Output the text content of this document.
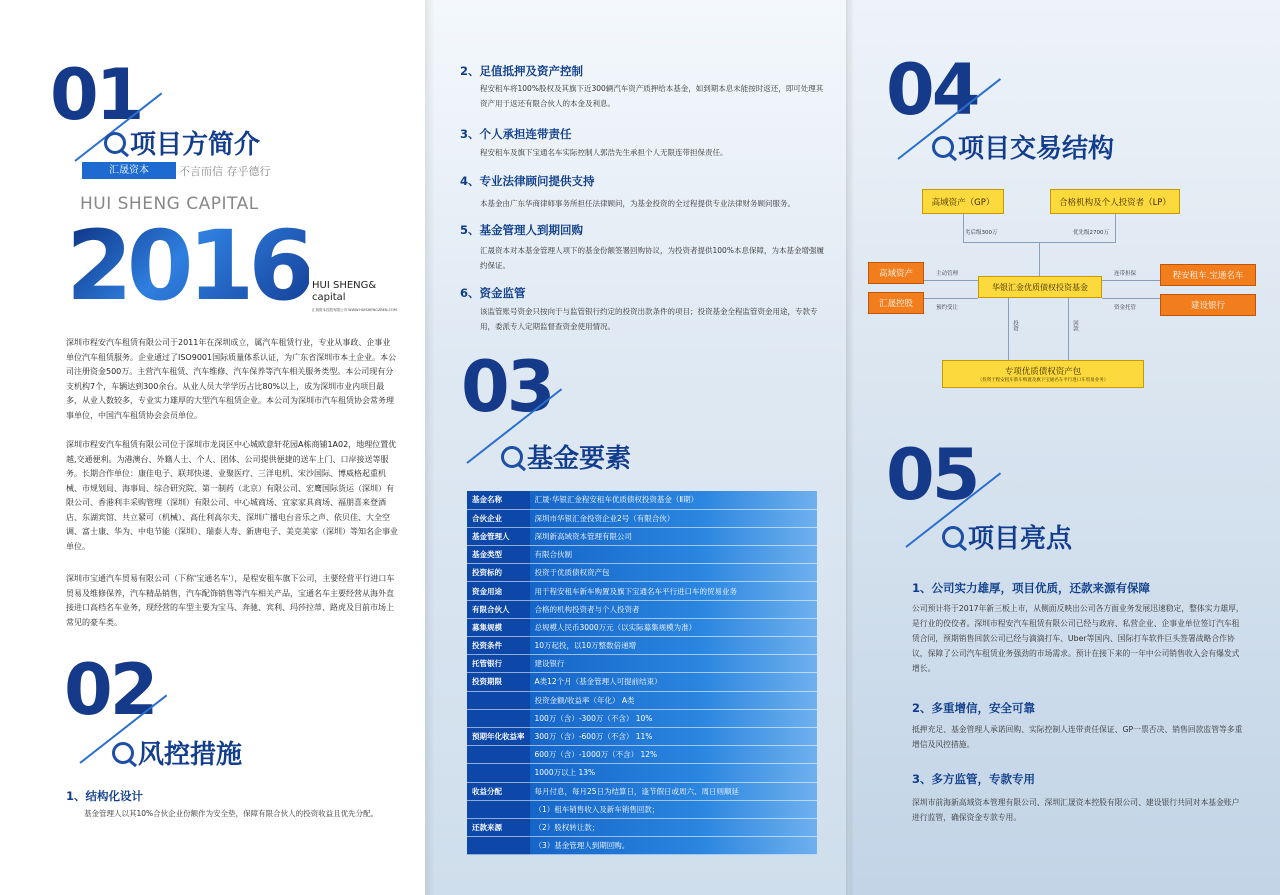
01
项目方简介
汇晟资本	不言而信 存乎德行
HUI SHENG CAPITAL
2016 HUI SHENG& capital
汇晟资本控股有限公司 WWW.HUISHENGZBEN.COM
深圳市程安汽车租赁有限公司于2011年在深圳成立，属汽车租赁行业，专业从事政、企事业单位汽车租赁服务。企业通过了ISO9001国际质量体系认证，为广东省深圳市本土企业。本公司注册资金500万。主营汽车租赁、汽车维修、汽车保养等汽车相关服务类型。本公司现有分支机构7个，车辆达到300余台。从业人员大学学历占比80%以上，成为深圳市业内项目最多，从业人数较多，专业实力雄厚的大型汽车租赁企业。本公司为深圳市汽车租赁协会常务理事单位，中国汽车租赁协会会员单位。
深圳市程安汽车租赁有限公司位于深圳市龙岗区中心城欧意轩花园A栋商铺1A02，地理位置优越,交通便利。为港澳台、外籍人士、个人、团体、公司提供便捷的送车上门、口岸接送等服务。长期合作单位：康佳电子、联邦快递、业聚医疗、三洋电机、宋沙国际、博威格起重机械、市规划局、海事局、综合研究院、第一制药（北京）有限公司、宏鹰国际货运（深圳）有限公司、香港利丰采购管理（深圳）有限公司、中心城商场、宜家家具商场、福朋喜来登酒店、东湖宾馆、共立紧可（机械）、高仕利高尔夫、深圳广播电台音乐之声、依贝佳、大全空调、富士康、华为、中电节能（深圳）、瑞泰人寿、新唐电子、美克美家（深圳）等知名企事业单位。
深圳市宝通汽车贸易有限公司（下称'宝通名车'），是程安租车旗下公司，主要经营平行进口车贸易及维修保养，汽车精品销售，汽车配饰销售等汽车相关产品，宝通名车主要经营从海外直接进口高档名车业务，现经营的车型主要为宝马、奔驰、宾利、玛莎拉蒂、路虎及目前市场上常见的豪车类。
02
风控措施
1、结构化设计
基金管理人以其10%合伙企业份额作为安全垫，保障有限合伙人的投资收益且优先分配。
2、足值抵押及资产控制
程安租车将100%股权及其旗下近300辆汽车资产质押给本基金，如到期本息未能按时返还，即可处理其资产用于返还有限合伙人的本金及利息。
3、个人承担连带责任
程安租车及旗下宝通名车实际控制人郭浩先生承担个人无限连带担保责任。
4、专业法律顾问提供支持
本基金由广东华商律师事务所担任法律顾问，为基金投资的全过程提供专业法律财务顾问服务。
5、基金管理人到期回购
汇晟资本对本基金管理人项下的基金份额签署回购协议，为投资者提供100%本息保障，为本基金增强履约保证。
6、资金监管
该监管账号资金只按向于与监管银行约定的投资出款条件的项目；投资基金全程监管资金用途，专款专用，委派专人定期监督查资金使用情况。
03
基金要素
基金名称	汇晟·华银汇金程安租车优质债权投资基金（Ⅱ期）
合伙企业	深圳市华银汇金投资企业2号（有限合伙）
基金管理人	深圳新高域资本管理有限公司
基金类型	有限合伙制
投资标的	投资于优质债权资产包
资金用途	用于程安租车新车购置及旗下宝通名车平行进口车的贸易业务
有限合伙人	合格的机构投资者与个人投资者
募集规模	总规模人民币3000万元（以实际募集规模为准）
投资条件	10万起投，以10万整数倍递增
托管银行	建设银行
投资期限	A类12个月（基金管理人可提前结束）
	投资金额/收益率（年化） A类
	100万（含）-300万（不含） 10%
预期年化收益率	300万（含）-600万（不含） 11%
	600万（含）-1000万（不含） 12%
	1000万以上 13%
收益分配	每月付息，每月25日为结算日，逢节假日或周六、周日则顺延
	（1）租车销售收入及新车销售回款；
还款来源	（2）股权转让款；
	（3）基金管理人到期回购。
04
项目交易结构
高域资产（GP）	合格机构及个人投资者（LP）
劣后级300万	优先级2700万
高域资产
汇晟控股
华银汇金优质债权投资基金
程安租车.宝通名车
建设银行
主动管理
预约受让
连带担保
资金托管
投资	回款
专项优质债权资产包
（投资于程安租车新车购置及旗下宝通名车平行进口车贸易业务）
05
项目亮点
1、公司实力雄厚，项目优质，还款来源有保障
公司预计将于2017年新三板上市，从侧面反映出公司各方面业务发展迅速稳定，整体实力雄厚，是行业的佼佼者。深圳市程安汽车租赁有限公司已经与政府、私营企业、企事业单位签订汽车租赁合同，预期销售回款公司已经与滴滴打车、Uber等国内、国际打车软件巨头签署战略合作协议，保障了公司汽车租赁业务强劲的市场需求。预计在接下来的一年中公司销售收入会有爆发式增长。
2、多重增信，安全可靠
抵押充足、基金管理人承诺回购、实际控制人连带责任保证、GP一票否决、销售回款监管等多重增信及风控措施。
3、多方监管，专款专用
深圳市前海新高域资本管理有限公司、深圳汇晟资本控股有限公司、建设银行共同对本基金账户进行监管，确保资金专款专用。
